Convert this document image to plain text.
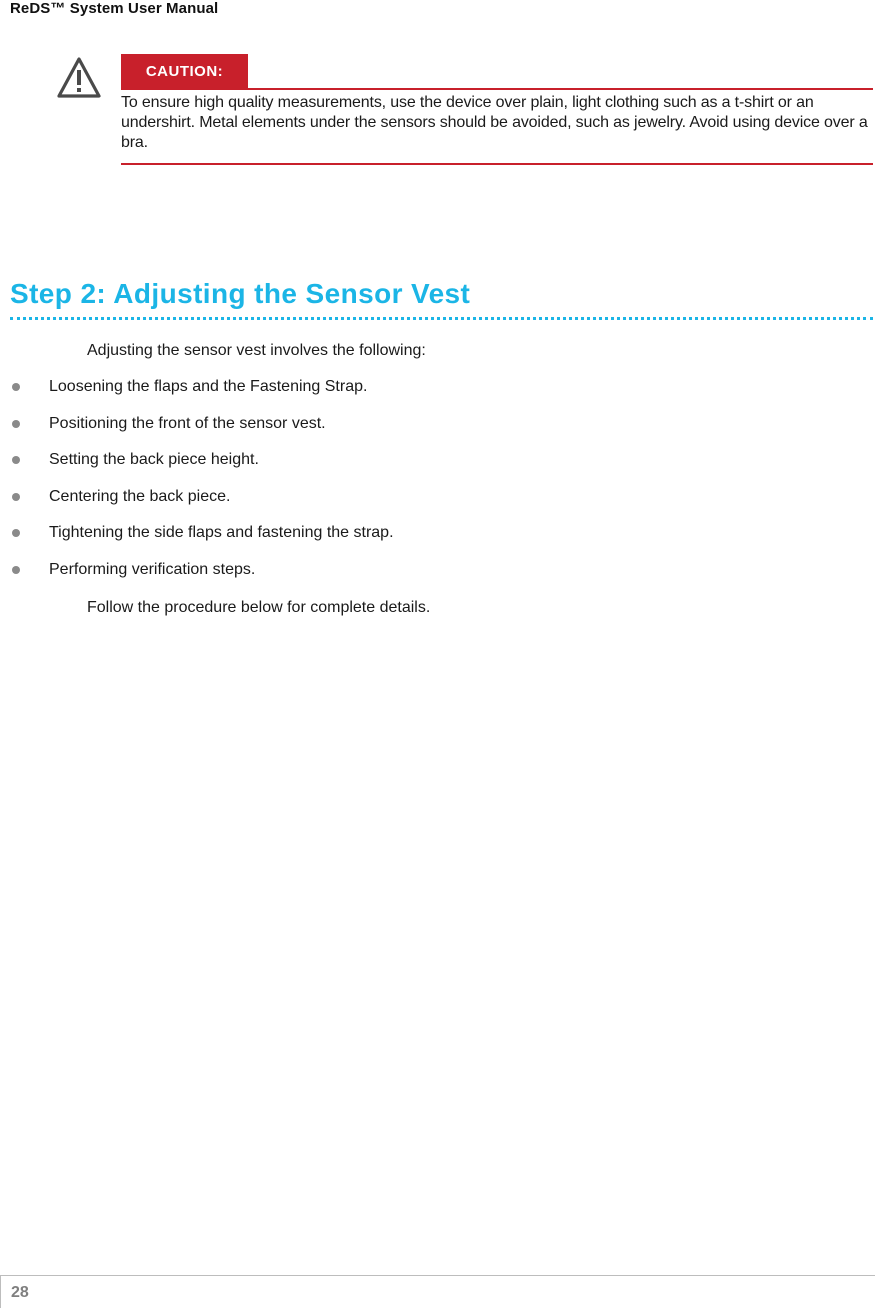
ReDS™ System User Manual
CAUTION:
To ensure high quality measurements, use the device over plain, light clothing such as a t-shirt or an undershirt. Metal elements under the sensors should be avoided, such as jewelry. Avoid using device over a bra.
Step 2: Adjusting the Sensor Vest
Adjusting the sensor vest involves the following:
Loosening the flaps and the Fastening Strap.
Positioning the front of the sensor vest.
Setting the back piece height.
Centering the back piece.
Tightening the side flaps and fastening the strap.
Performing verification steps.
Follow the procedure below for complete details.
28
